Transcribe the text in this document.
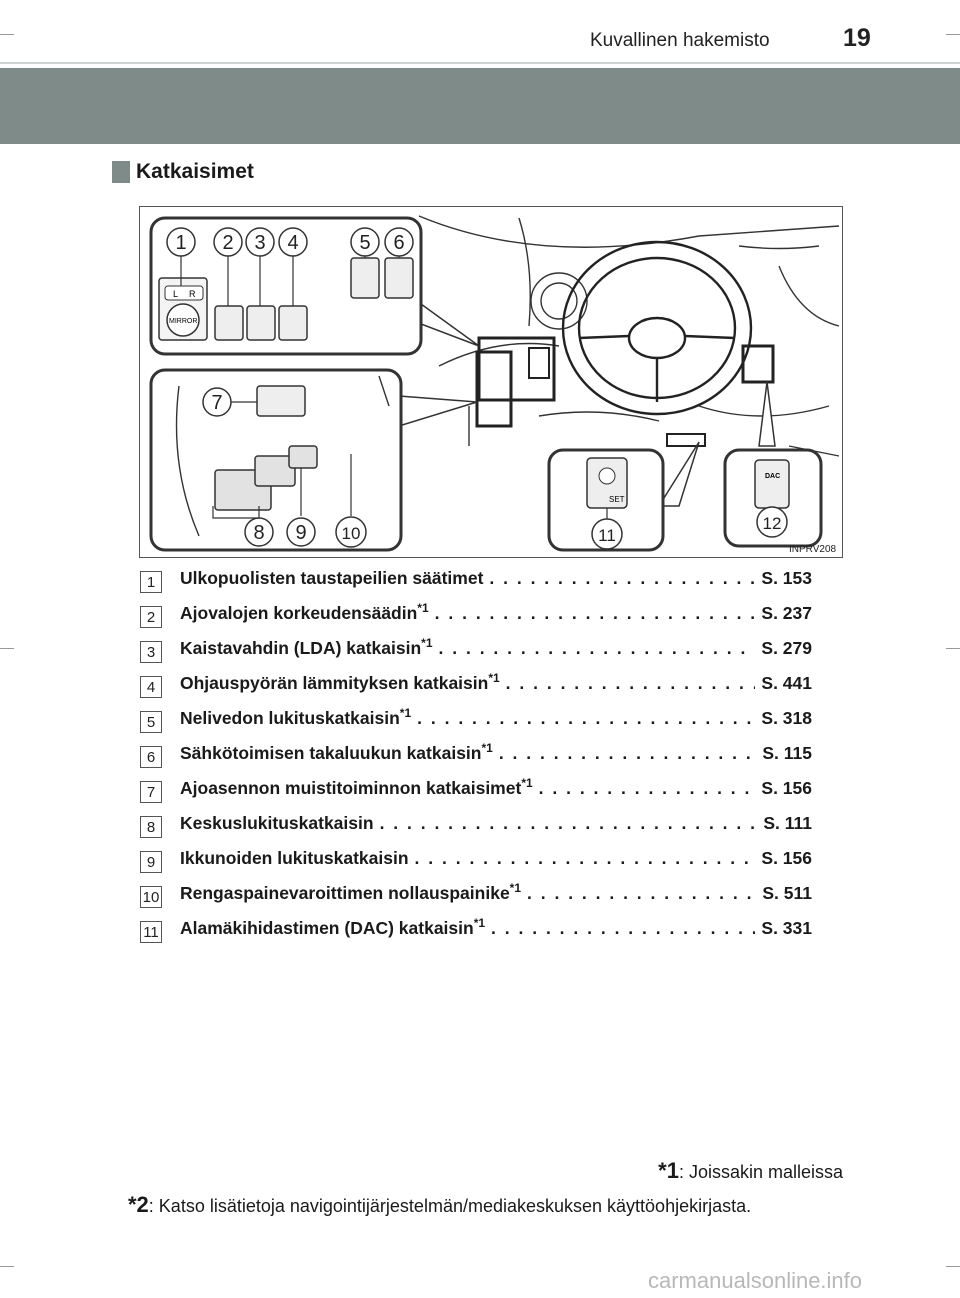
Kuvallinen hakemisto	19
Katkaisimet
L R
MIRROR
SET
DAC
1 2 3 4	5 6
7
8 9 10	11
12
INPRV208
1	Ulkopuolisten taustapeilien säätimet . . .	S. 153
2	Ajovalojen korkeudensäädin$^{*1}$ . . .	S. 237
3	Kaistavahdin (LDA) katkaisin$^{*1}$ . . .	S. 279
4	Ohjauspyörän lämmityksen katkaisin$^{*1}$ . . .	S. 441
5	Nelivedon lukituskatkaisin$^{*1}$ . . .	S. 318
6	Sähkötoimisen takaluukun katkaisin$^{*1}$ . . .	S. 115
7	Ajoasennon muistitoiminnon katkaisimet$^{*1}$ . . .	S. 156
8	Keskuslukituskatkaisin . . .	S. 111
9	Ikkunoiden lukituskatkaisin . . .	S. 156
10 Rengaspainevaroittimen nollauspainike$^{*1}$ . . .	S. 511
11 Alamäkihidastimen (DAC) katkaisin$^{*1}$ . . .	S. 331
*1: Joissakin malleissa
*2: Katso lisätietoja navigointijärjestelmän/mediakeskuksen käyttöohjekirjasta.
carmanualsonline.info
